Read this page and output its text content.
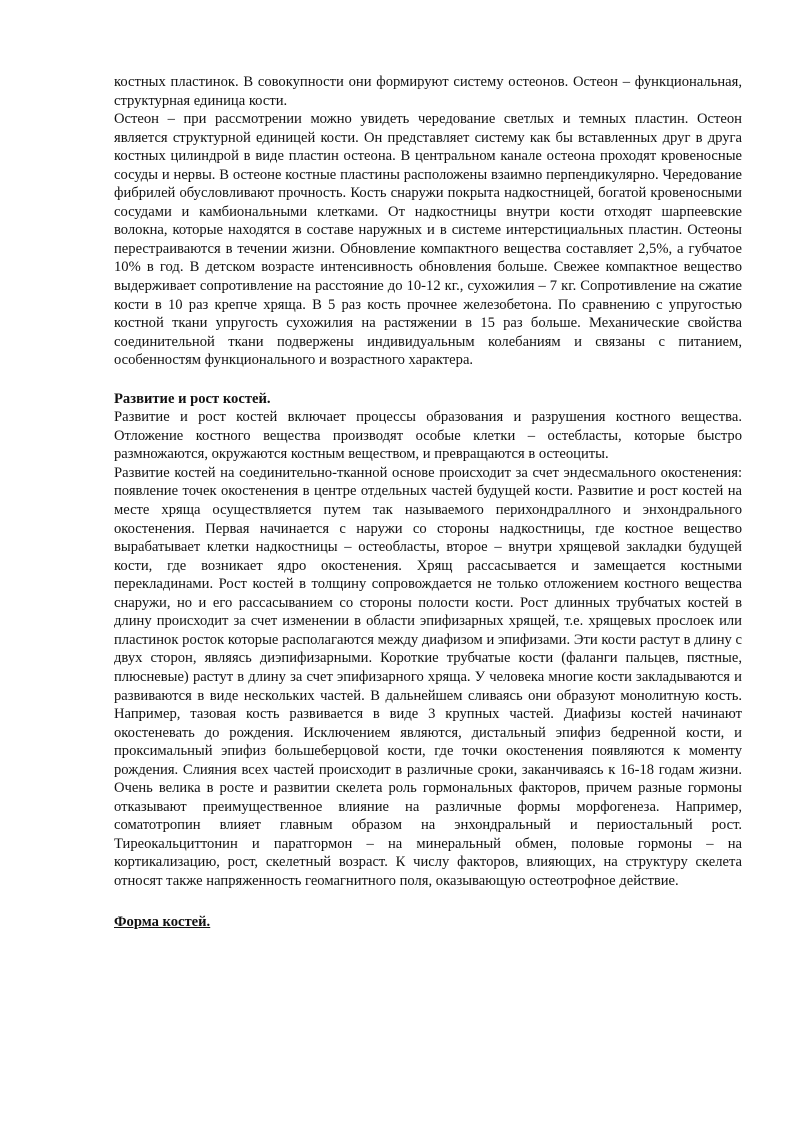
костных пластинок. В совокупности они формируют систему остеонов. Остеон – функциональная, структурная единица кости.

Остеон – при рассмотрении можно увидеть чередование светлых и темных пластин. Остеон является структурной единицей кости. Он представляет систему как бы вставленных друг в друга костных цилиндрой в виде пластин остеона. В центральном канале остеона проходят кровеносные сосуды и нервы. В остеоне костные пластины расположены взаимно перпендикулярно. Чередование фибрилей обусловливают прочность. Кость снаружи покрыта надкостницей, богатой кровеносными сосудами и камбиональными клетками. От надкостницы внутри кости отходят шарпеевские волокна, которые находятся в составе наружных и в системе интерстициальных пластин. Остеоны перестраиваются в течении жизни. Обновление компактного вещества составляет 2,5%, а губчатое 10% в год. В детском возрасте интенсивность обновления больше. Свежее компактное вещество выдерживает сопротивление на расстояние до 10-12 кг., сухожилия – 7 кг. Сопротивление на сжатие кости в 10 раз крепче хряща. В 5 раз кость прочнее железобетона. По сравнению с упругостью костной ткани упругость сухожилия на растяжении в 15 раз больше. Механические свойства соединительной ткани подвержены индивидуальным колебаниям и связаны с питанием, особенностям функционального и возрастного характера.

Развитие и рост костей.

Развитие и рост костей включает процессы образования и разрушения костного вещества. Отложение костного вещества производят особые клетки – остебласты, которые быстро размножаются, окружаются костным веществом, и превращаются в остеоциты.

Развитие костей на соединительно-тканной основе происходит за счет эндесмального окостенения: появление точек окостенения в центре отдельных частей будущей кости. Развитие и рост костей на месте хряща осуществляется путем так называемого перихондраллного и энхондрального окостенения. Первая начинается с наружи со стороны надкостницы, где костное вещество вырабатывает клетки надкостницы – остеобласты, второе – внутри хрящевой закладки будущей кости, где возникает ядро окостенения. Хрящ рассасывается и замещается костными перекладинами. Рост костей в толщину сопровождается не только отложением костного вещества снаружи, но и его рассасыванием со стороны полости кости. Рост длинных трубчатых костей в длину происходит за счет изменении в области эпифизарных хрящей, т.е. хрящевых прослоек или пластинок росток которые располагаются между диафизом и эпифизами. Эти кости растут в длину с двух сторон, являясь диэпифизарными. Короткие трубчатые кости (фаланги пальцев, пястные, плюсневые) растут в длину за счет эпифизарного хряща. У человека многие кости закладываются и развиваются в виде нескольких частей. В дальнейшем сливаясь они образуют монолитную кость. Например, тазовая кость развивается в виде 3 крупных частей. Диафизы костей начинают окостеневать до рождения. Исключением являются, дистальный эпифиз бедренной кости, и проксимальный эпифиз большеберцовой кости, где точки окостенения появляются к моменту рождения. Слияния всех частей происходит в различные сроки, заканчиваясь к 16-18 годам жизни. Очень велика в росте и развитии скелета роль гормональных факторов, причем разные гормоны отказывают преимущественное влияние на различные формы морфогенеза. Например, соматотропин влияет главным образом на энхондральный и периостальный рост. Тиреокальциттонин и паратгормон – на минеральный обмен, половые гормоны – на кортикализацию, рост, скелетный возраст. К числу факторов, влияющих, на структуру скелета относят также напряженность геомагнитного поля, оказывающую остеотрофное действие.

Форма костей.
